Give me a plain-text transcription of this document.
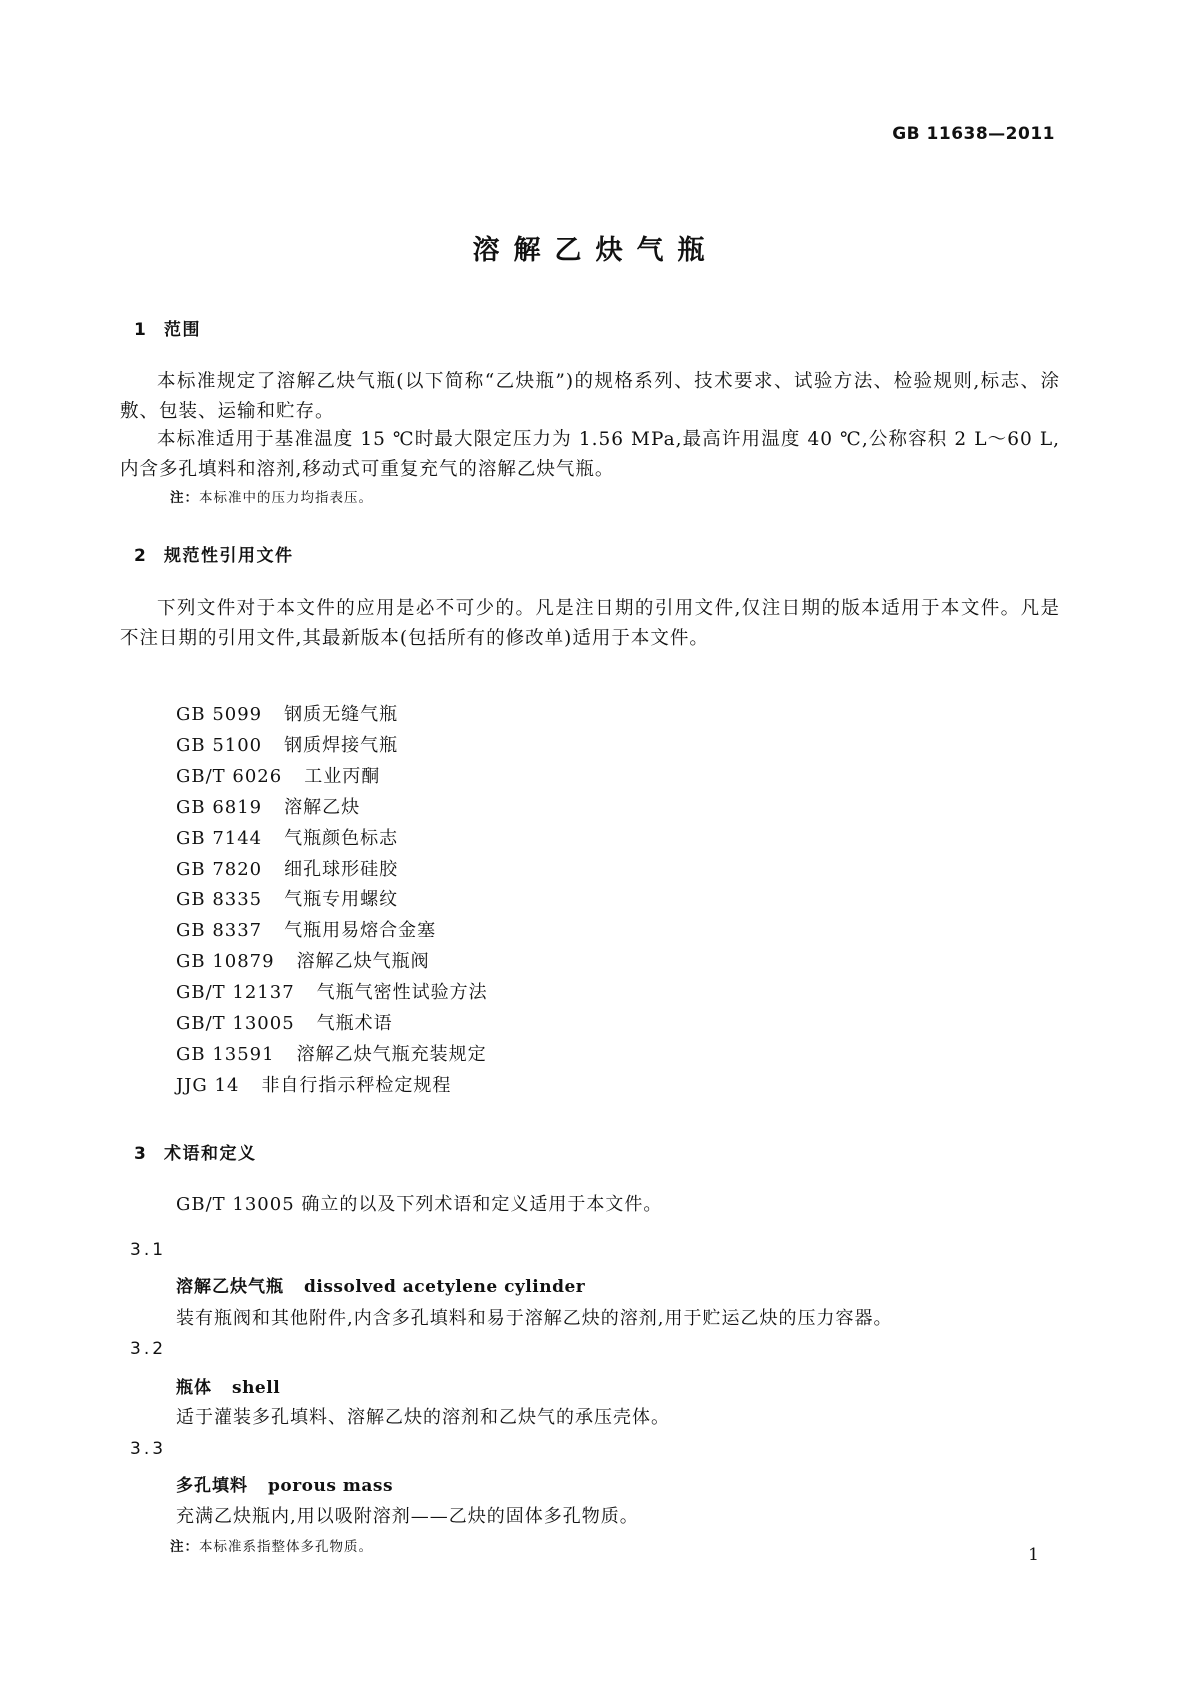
GB 11638—2011
溶解乙炔气瓶
1 范围
本标准规定了溶解乙炔气瓶(以下简称“乙炔瓶”)的规格系列、技术要求、试验方法、检验规则,标志、涂敷、包装、运输和贮存。
本标准适用于基准温度 15 ℃时最大限定压力为 1.56 MPa,最高许用温度 40 ℃,公称容积 2 L～60 L,内含多孔填料和溶剂,移动式可重复充气的溶解乙炔气瓶。
注：本标准中的压力均指表压。
2 规范性引用文件
下列文件对于本文件的应用是必不可少的。凡是注日期的引用文件,仅注日期的版本适用于本文件。凡是不注日期的引用文件,其最新版本(包括所有的修改单)适用于本文件。
GB 5099 钢质无缝气瓶
GB 5100 钢质焊接气瓶
GB/T 6026 工业丙酮
GB 6819 溶解乙炔
GB 7144 气瓶颜色标志
GB 7820 细孔球形硅胶
GB 8335 气瓶专用螺纹
GB 8337 气瓶用易熔合金塞
GB 10879 溶解乙炔气瓶阀
GB/T 12137 气瓶气密性试验方法
GB/T 13005 气瓶术语
GB 13591 溶解乙炔气瓶充装规定
JJG 14 非自行指示秤检定规程
3 术语和定义
GB/T 13005 确立的以及下列术语和定义适用于本文件。
3.1
溶解乙炔气瓶 dissolved acetylene cylinder
装有瓶阀和其他附件,内含多孔填料和易于溶解乙炔的溶剂,用于贮运乙炔的压力容器。
3.2
瓶体 shell
适于灌装多孔填料、溶解乙炔的溶剂和乙炔气的承压壳体。
3.3
多孔填料 porous mass
充满乙炔瓶内,用以吸附溶剂——乙炔的固体多孔物质。
注：本标准系指整体多孔物质。	1
